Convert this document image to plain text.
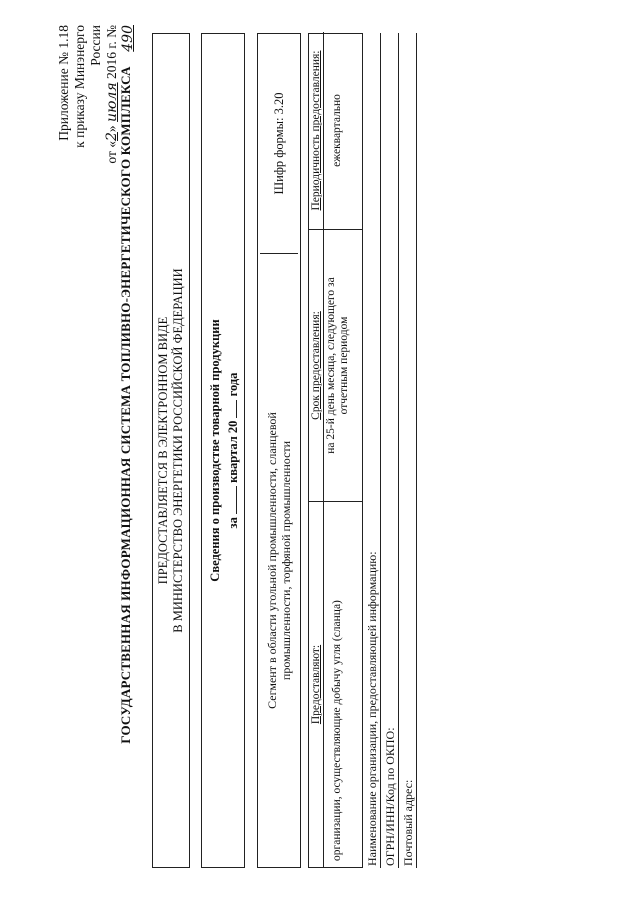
Приложение № 1.18 к приказу Минэнерго России
от «2» июля 2016 г. № 490
ГОСУДАРСТВЕННАЯ ИНФОРМАЦИОННАЯ СИСТЕМА ТОПЛИВНО-ЭНЕРГЕТИЧЕСКОГО КОМПЛЕКСА ПРЕДОСТАВЛЯЕТСЯ В ЭЛЕКТРОННОМ ВИДЕ В МИНИСТЕРСТВО ЭНЕРГЕТИКИ РОССИЙСКОЙ ФЕДЕРАЦИИ Сведения о производстве товарной продукции за  квартал 20  года
Сегмент в области угольной промышленности, сланцевой промышленности, торфяной промышленности
Шифр формы: 3.20
Предоставляют: организации, осуществляющие добычу угля (сланца)
Срок предоставления: на 25-й день месяца, следующего за отчетным периодом
Периодичность предоставления: ежеквартально
Наименование организации, предоставляющей информацию: ОГРН/ИНН/Код по ОКПО: Почтовый адрес:
